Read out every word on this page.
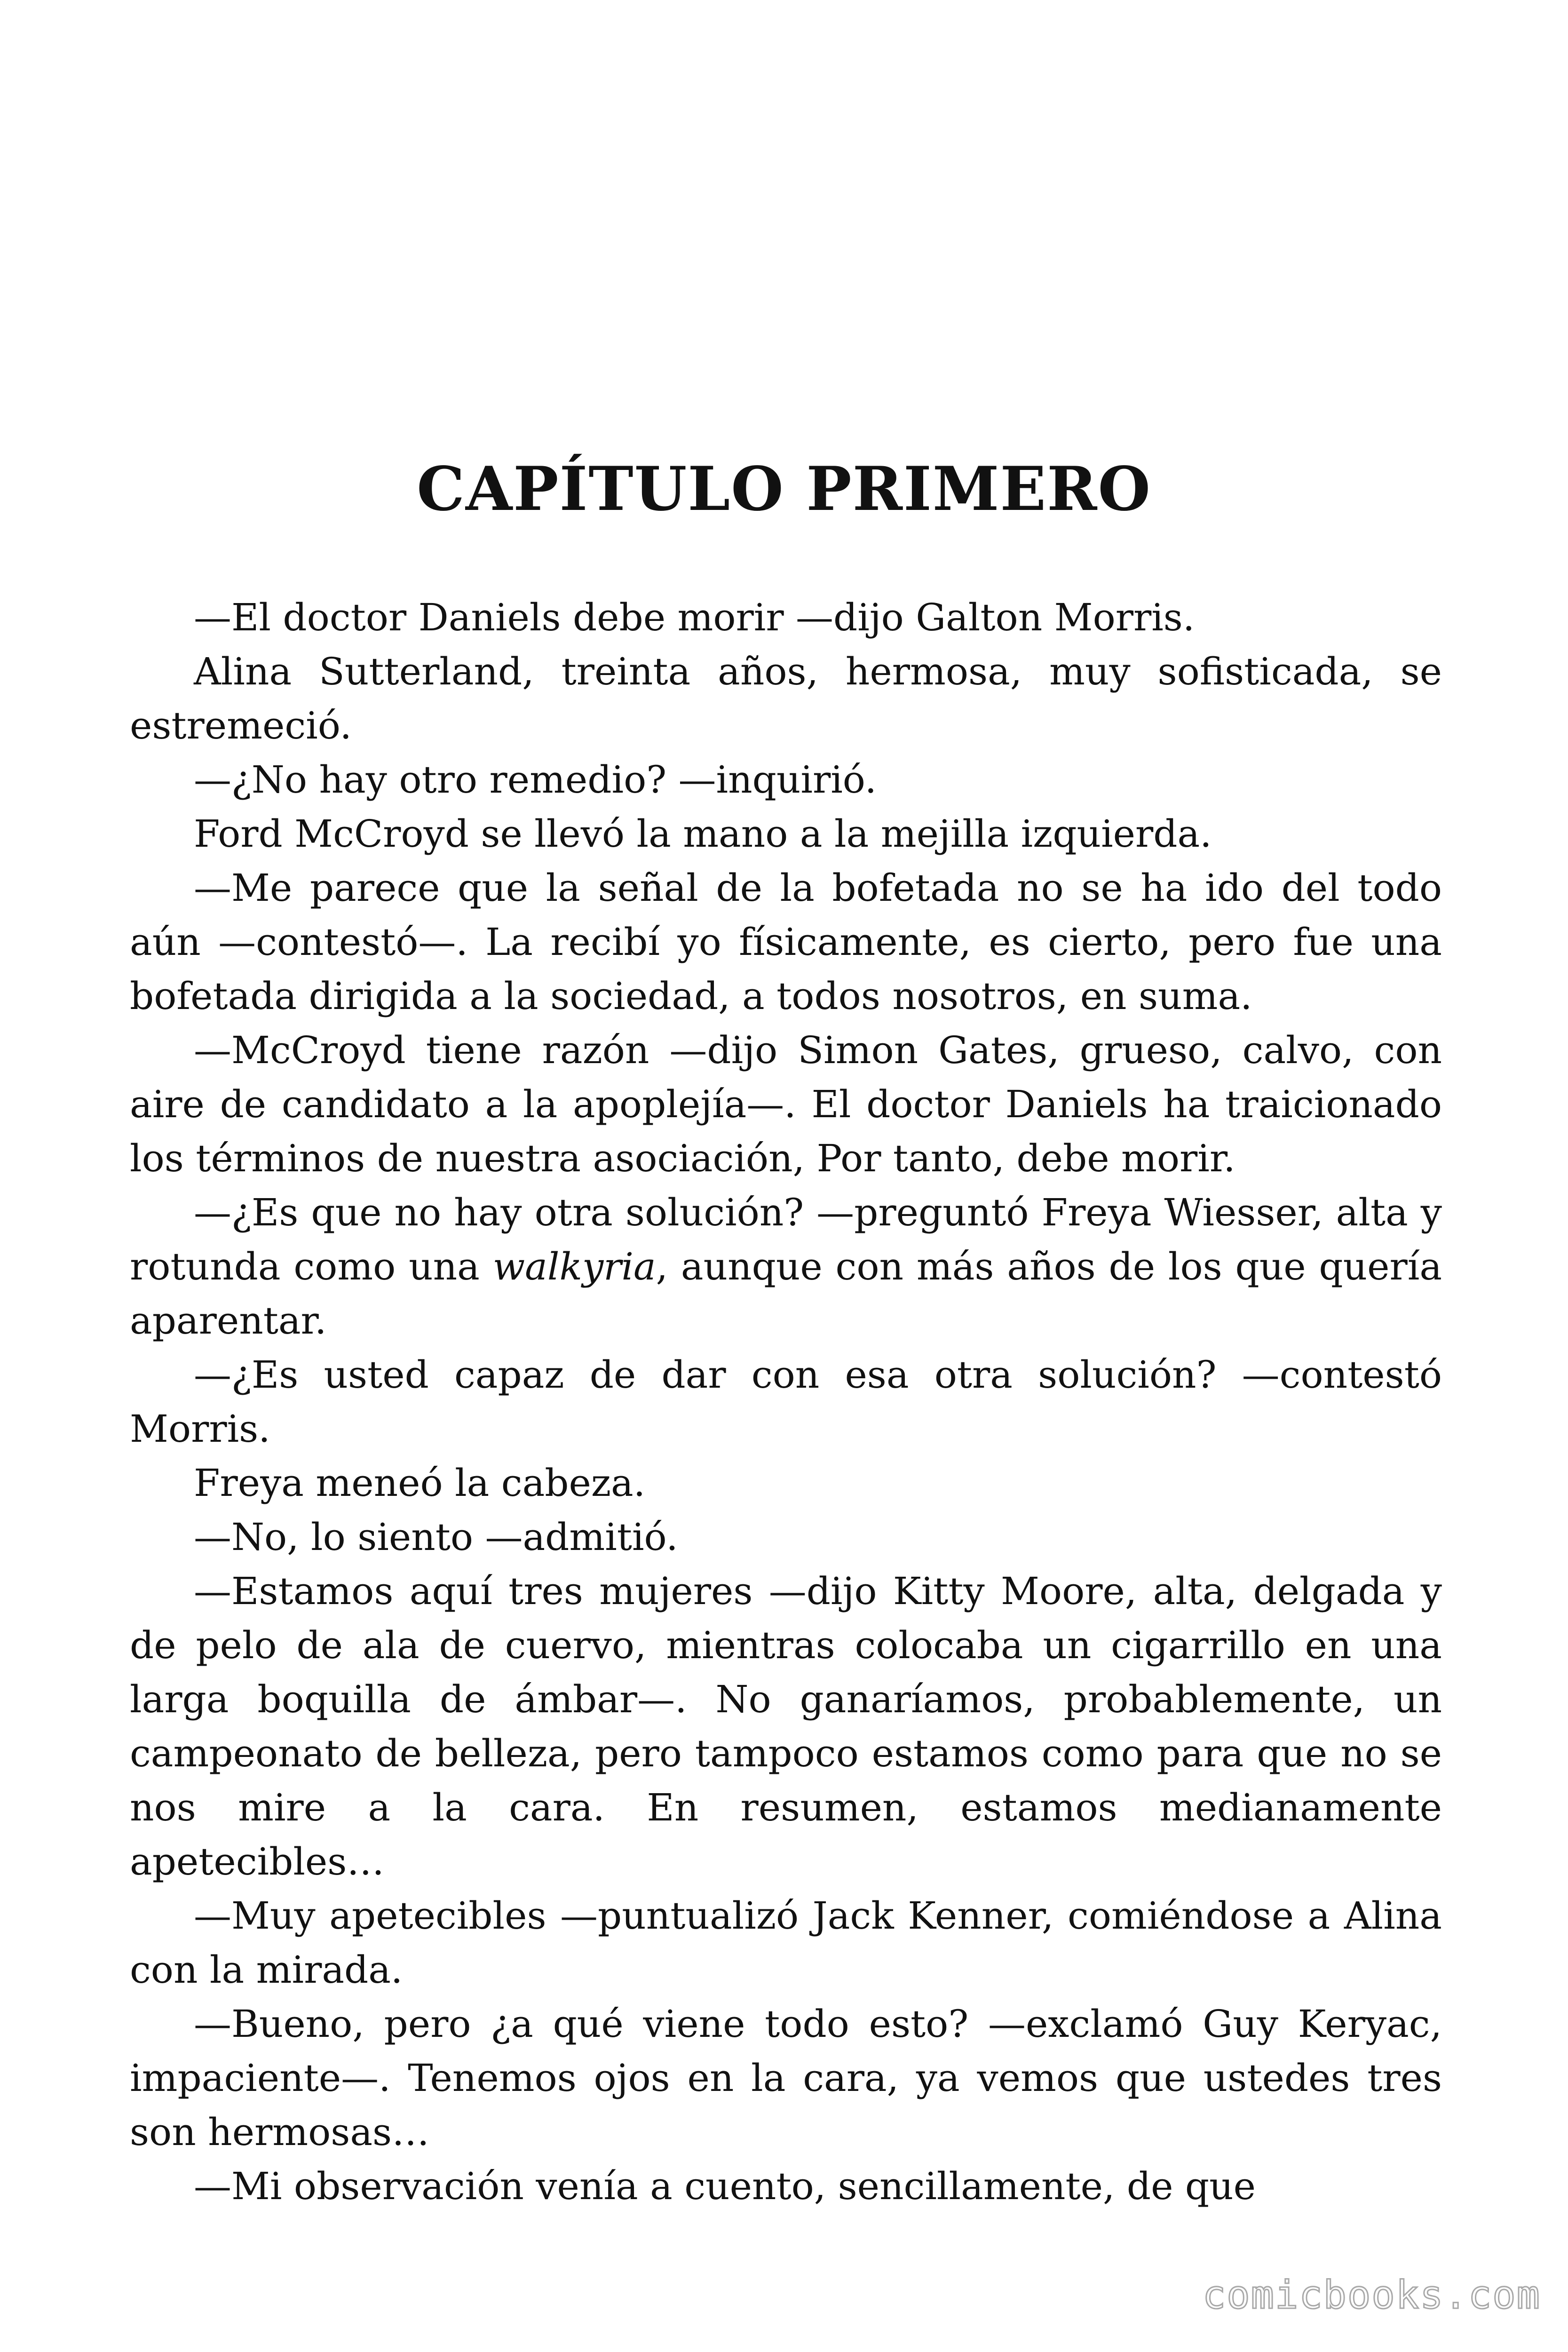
CAPÍTULO PRIMERO

—El doctor Daniels debe morir —dijo Galton Morris.

Alina Sutterland, treinta años, hermosa, muy sofisticada, se estremeció.

—¿No hay otro remedio? —inquirió.

Ford McCroyd se llevó la mano a la mejilla izquierda.

—Me parece que la señal de la bofetada no se ha ido del todo aún —contestó—. La recibí yo físicamente, es cierto, pero fue una bofetada dirigida a la sociedad, a todos nosotros, en suma.

—McCroyd tiene razón —dijo Simon Gates, grueso, calvo, con aire de candidato a la apoplejía—. El doctor Daniels ha traicionado los términos de nuestra asociación, Por tanto, debe morir.

—¿Es que no hay otra solución? —preguntó Freya Wiesser, alta y rotunda como una walkyria, aunque con más años de los que quería aparentar.

—¿Es usted capaz de dar con esa otra solución? —contestó Morris.

Freya meneó la cabeza.

—No, lo siento —admitió.

—Estamos aquí tres mujeres —dijo Kitty Moore, alta, delgada y de pelo de ala de cuervo, mientras colocaba un cigarrillo en una larga boquilla de ámbar—. No ganaríamos, probablemente, un campeonato de belleza, pero tampoco estamos como para que no se nos mire a la cara. En resumen, estamos medianamente apetecibles…

—Muy apetecibles —puntualizó Jack Kenner, comiéndose a Alina con la mirada.

—Bueno, pero ¿a qué viene todo esto? —exclamó Guy Keryac, impaciente—. Tenemos ojos en la cara, ya vemos que ustedes tres son hermosas…

—Mi observación venía a cuento, sencillamente, de que

comicbooks.com
